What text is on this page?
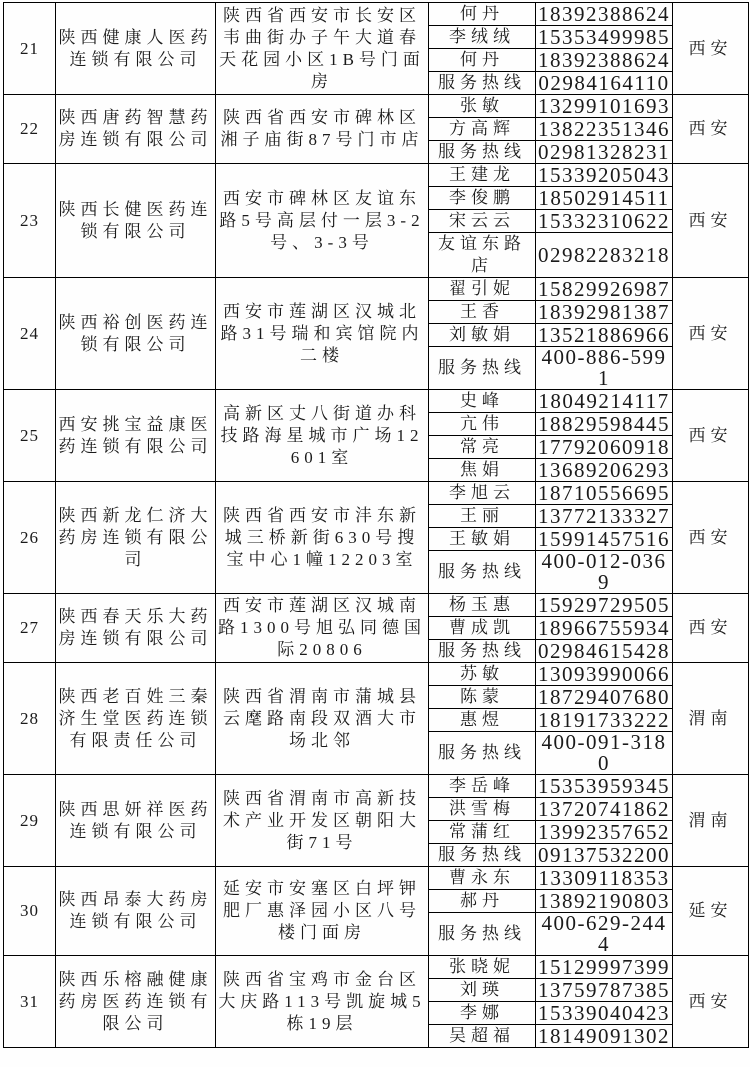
21	陕西健康人医药连锁有限公司	陕西省西安市长安区韦曲街办子午大道春天花园小区1B号门面房	何丹	18392388624	西安
			李绒绒	15353499985	
			何丹	18392388624	
			服务热线	02984164110	
22	陕西唐药智慧药房连锁有限公司	陕西省西安市碑林区湘子庙街87号门市店	张敏	13299101693	西安
			方高辉	13822351346	
			服务热线	02981328231	
23	陕西长健医药连锁有限公司	西安市碑林区友谊东路5号高层付一层3-2号、3-3号	王建龙	15339205043	西安
			李俊鹏	18502914511	
			宋云云	15332310622	
			友谊东路店	02982283218	
24	陕西裕创医药连锁有限公司	西安市莲湖区汉城北路31号瑞和宾馆院内二楼	翟引妮	15829926987	西安
			王香	18392981387	
			刘敏娟	13521886966	
			服务热线	400-886-5991	
25	西安挑宝益康医药连锁有限公司	高新区丈八街道办科技路海星城市广场12601室	史峰	18049214117	西安
			亢伟	18829598445	
			常亮	17792060918	
			焦娟	13689206293	
26	陕西新龙仁济大药房连锁有限公司	陕西省西安市沣东新城三桥新街630号搜宝中心1幢12203室	李旭云	18710556695	西安
			王丽	13772133327	
			王敏娟	15991457516	
			服务热线	400-012-0369	
27	陕西春天乐大药房连锁有限公司	西安市莲湖区汉城南路1300号旭弘同德国际20806	杨玉惠	15929729505	西安
			曹成凯	18966755934	
			服务热线	02984615428	
28	陕西老百姓三秦济生堂医药连锁有限责任公司	陕西省渭南市蒲城县云麾路南段双酒大市场北邻	苏敏	13093990066	渭南
			陈蒙	18729407680	
			惠煜	18191733222	
			服务热线	400-091-3180	
29	陕西思妍祥医药连锁有限公司	陕西省渭南市高新技术产业开发区朝阳大街71号	李岳峰	15353959345	渭南
			洪雪梅	13720741862	
			常蒲红	13992357652	
			服务热线	09137532200	
30	陕西昂泰大药房连锁有限公司	延安市安塞区白坪钾肥厂惠泽园小区八号楼门面房	曹永东	13309118353	延安
			郝丹	13892190803	
			服务热线	400-629-2444	
31	陕西乐榕融健康药房医药连锁有限公司	陕西省宝鸡市金台区大庆路113号凯旋城5栋19层	张晓妮	15129997399	西安
			刘瑛	13759787385	
			李娜	15339040423	
			吴超福	18149091302	
